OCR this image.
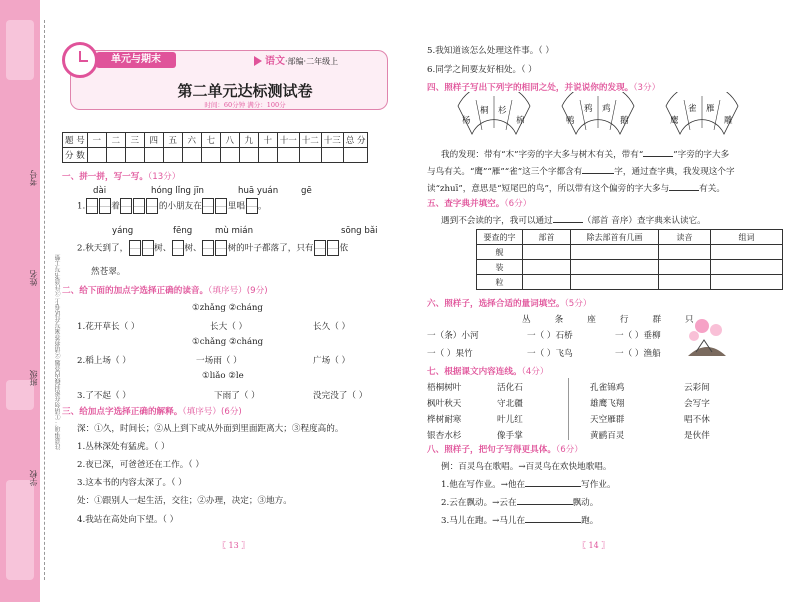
考号
姓名
班级
学校
注意事项：①请勿在密封线内答题 ②请将答案写在试卷上 ③注意书写工整
单元与期末	语文·部编·二年级上
第二单元达标测试卷
时间：60分钟 满分：100分
题 号	一	二	三	四	五	六	七	八	九	十	十一	十二	十三	总 分
分 数														
一、拼一拼，写一写。（13分）
dài	hóng lǐng jīn	huā yuán	gē
1.	着	的小朋友在	里唱 。
yáng	fēng	mù mián	sōng bǎi
2.秋天到了，	树、 树、	树的叶子都落了，只有	依
然苍翠。
二、给下面的加点字选择正确的读音。（填序号）(9分)
①zhǎng ②cháng
1.花开草长（ ）	长大（ ）	长久（ ）
①chǎng ②cháng
2.稻上场（ ）	一场雨（ ）	广场（ ）
①liǎo ②le
3.了不起（ ）	下雨了（ ）	没完没了（ ）
三、给加点字选择正确的解释。（填序号）(6分)
深：①久，时间长；②从上到下或从外面到里面距离大；③程度高的。
1.丛林深处有猛虎。（ ）
2.夜已深，可爸爸还在工作。（ ）
3.这本书的内容太深了。（ ）
处：①跟别人一起生活，交往；②办理，决定；③地方。
4.我站在高处向下望。（ ）
〖 13 〗
5.我知道该怎么处理这件事。（ ）
6.同学之间要友好相处。（ ）
四、照样子写出下列字的相同之处，并说说你的发现。（3分）
杨
桐 杉
棉	鸭
鸦 鸡
鹅	鹰
雀 雁
雕
我的发现：带有“木”字旁的字大多与树木有关，带有“	”字旁的字大多
与鸟有关。“鹰”“雁”“雀”这三个字都含有	字，通过查字典，我发现这个字
读“zhuī”，意思是“短尾巴的鸟”，所以带有这个偏旁的字大多与	有关。
五、查字典并填空。（6分）
遇到不会读的字，我可以通过	（部首 音序）查字典来认读它。
要查的字	部首	除去部首有几画	读音	组词
舰				
装				
粒				
六、照样子，选择合适的量词填空。（5分）
丛	条	座	行	群	只
一（条）小河	一（ ）石桥	一（ ）垂柳
一（ ）果竹	一（ ）飞鸟	一（ ）渔船
七、根据课文内容连线。（4分）
梧桐树叶
枫叶秋天
桦树耐寒
银杏水杉
活化石
守北疆
叶儿红
像手掌
孔雀锦鸡
雄鹰飞翔
天空雁群
黄鹂百灵
云彩间
会写字
唱不休
是伙伴
八、照样子，把句子写得更具体。（6分）
例：百灵鸟在歌唱。→百灵鸟在欢快地歌唱。
1.他在写作业。→他在	写作业。
2.云在飘动。→云在	飘动。
3.马儿在跑。→马儿在	跑。
〖 14 〗
